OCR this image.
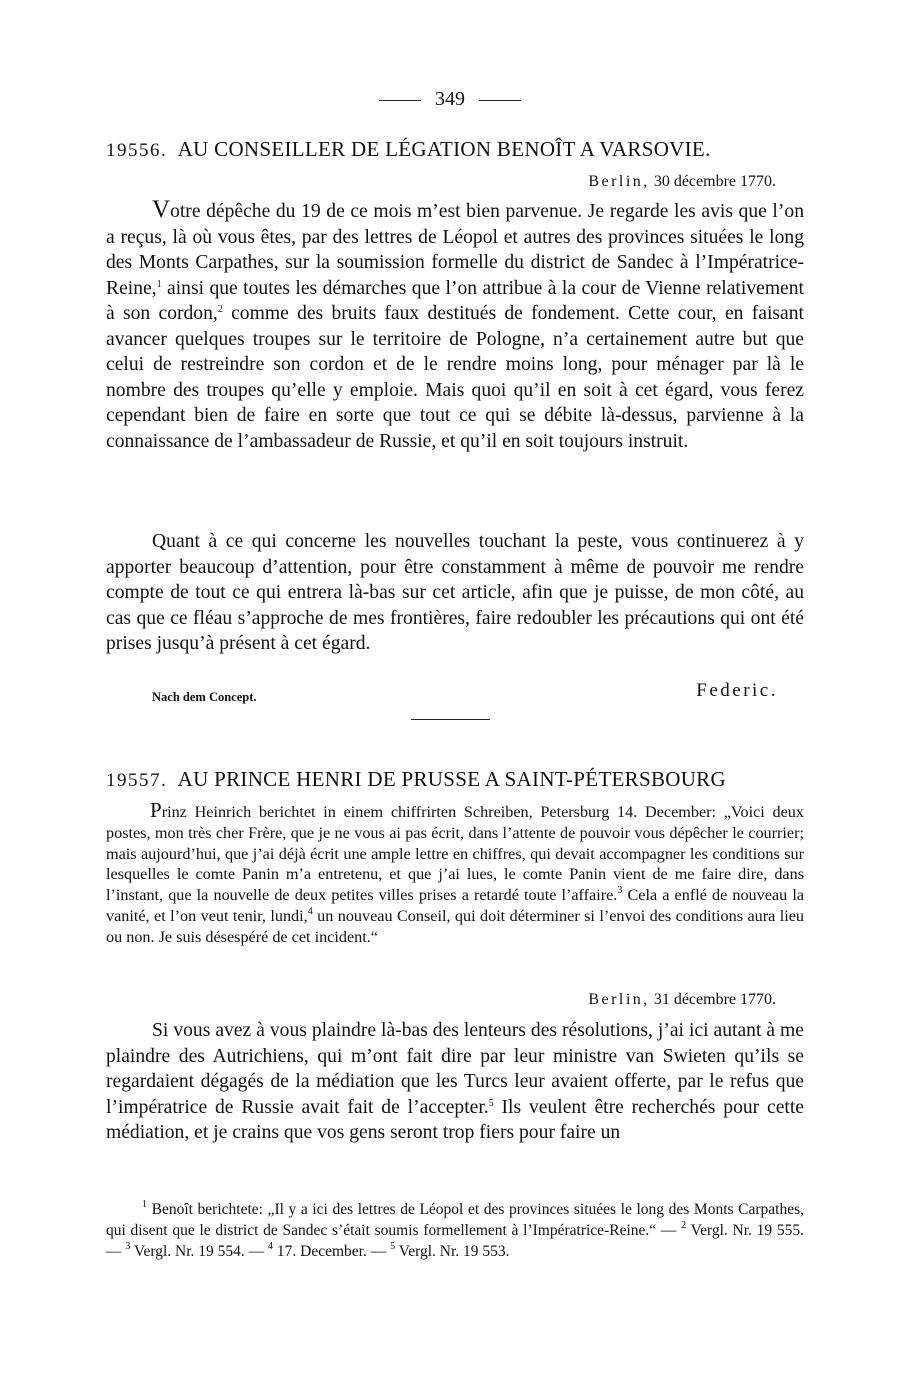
349
19556. AU CONSEILLER DE LÉGATION BENOÎT A VARSOVIE.
Berlin, 30 décembre 1770.
Votre dépêche du 19 de ce mois m’est bien parvenue. Je regarde les avis que l’on a reçus, là où vous êtes, par des lettres de Léopol et autres des provinces situées le long des Monts Carpathes, sur la soumission formelle du district de Sandec à l’Impératrice-Reine,$^1$ ainsi que toutes les démarches que l’on attribue à la cour de Vienne relativement à son cordon,$^2$ comme des bruits faux destitués de fondement. Cette cour, en faisant avancer quelques troupes sur le territoire de Pologne, n’a certainement autre but que celui de restreindre son cordon et de le rendre moins long, pour ménager par là le nombre des troupes qu’elle y emploie. Mais quoi qu’il en soit à cet égard, vous ferez cependant bien de faire en sorte que tout ce qui se débite là-dessus, parvienne à la connaissance de l’ambassadeur de Russie, et qu’il en soit toujours instruit.
Quant à ce qui concerne les nouvelles touchant la peste, vous continuerez à y apporter beaucoup d’attention, pour être constamment à même de pouvoir me rendre compte de tout ce qui entrera là-bas sur cet article, afin que je puisse, de mon côté, au cas que ce fléau s’approche de mes frontières, faire redoubler les précautions qui ont été prises jusqu’à présent à cet égard.
Nach dem Concept.	Federic.
19557. AU PRINCE HENRI DE PRUSSE A SAINT-PÉTERSBOURG
Prinz Heinrich berichtet in einem chiffrirten Schreiben, Petersburg 14. December: „Voici deux postes, mon très cher Frère, que je ne vous ai pas écrit, dans l’attente de pouvoir vous dépêcher le courrier; mais aujourd’hui, que j’ai déjà écrit une ample lettre en chiffres, qui devait accompagner les conditions sur lesquelles le comte Panin m’a entretenu, et que j’ai lues, le comte Panin vient de me faire dire, dans l’instant, que la nouvelle de deux petites villes prises a retardé toute l’affaire.$^3$ Cela a enflé de nouveau la vanité, et l’on veut tenir, lundi,$^4$ un nouveau Conseil, qui doit déterminer si l’envoi des conditions aura lieu ou non. Je suis désespéré de cet incident.“
Berlin, 31 décembre 1770.
Si vous avez à vous plaindre là-bas des lenteurs des résolutions, j’ai ici autant à me plaindre des Autrichiens, qui m’ont fait dire par leur ministre van Swieten qu’ils se regardaient dégagés de la médiation que les Turcs leur avaient offerte, par le refus que l’impératrice de Russie avait fait de l’accepter.$^5$ Ils veulent être recherchés pour cette médiation, et je crains que vos gens seront trop fiers pour faire un
$^1$ Benoît berichtete: „Il y a ici des lettres de Léopol et des provinces situées le long des Monts Carpathes, qui disent que le district de Sandec s’était soumis formellement à l’Impératrice-Reine.“ — $^2$ Vergl. Nr. 19 555. — $^3$ Vergl. Nr. 19 554. — $^4$ 17. December. — $^5$ Vergl. Nr. 19 553.
